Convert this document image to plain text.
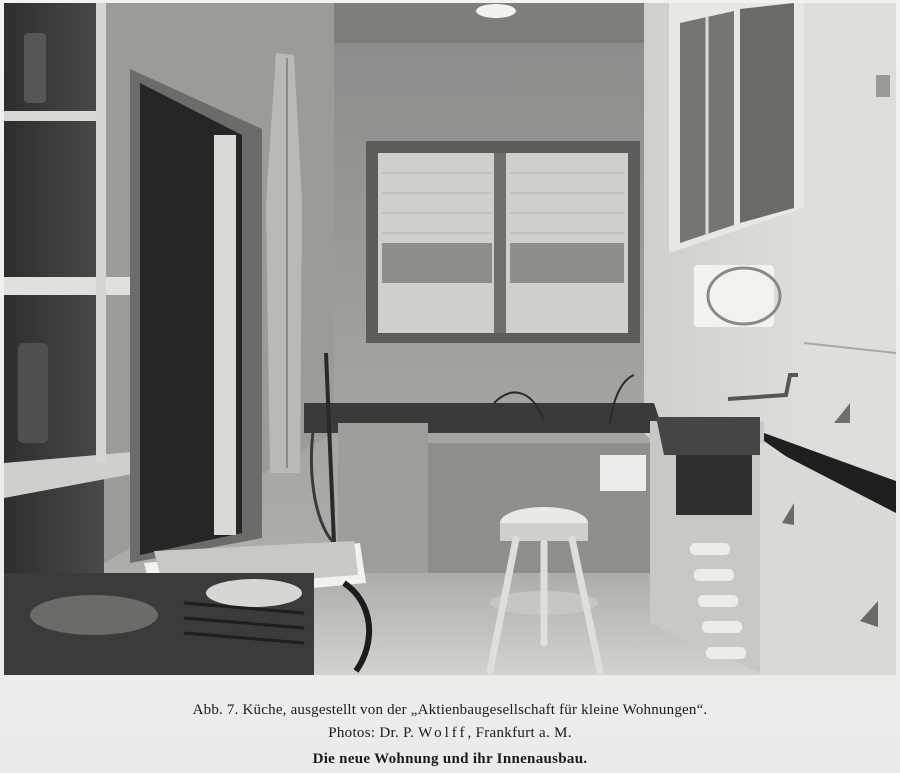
Abb. 7. Küche, ausgestellt von der „Aktienbaugesellschaft für kleine Wohnungen“.
Photos: Dr. P. Wolff, Frankfurt a. M.
Die neue Wohnung und ihr Innenausbau.
